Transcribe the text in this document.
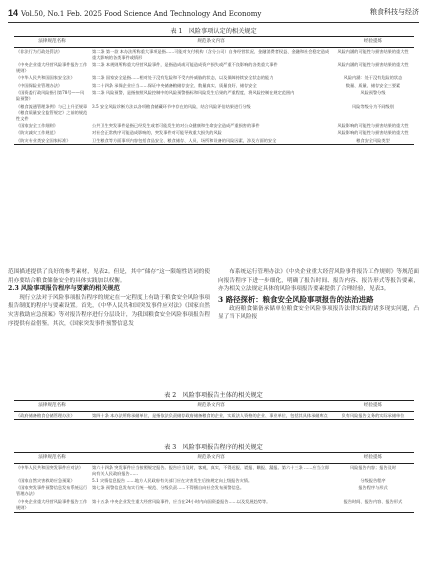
14 Vol.50, No.1 Feb. 2025 Food Science And Technology And Economy	粮食科技与经济
表 1　风险事项认定的相关规定
法律规范名称	规范条文内容	经验提炼
《非法行为行政处罚法》	第二条 第一款 本办法所称重大事项是指……可能对支付机构（含分公司）自身经营状况、金融消费者权益、金融和社会稳定造成重大影响的各类事件或情形	风险内涵的可能性与损害结果的重大性
《中央企业重大经营风险事件报告工作规则》	第二条 本规则所称重大经营风险事件，是指造成或可能造成资产损失或严重不良影响的各类重大事件	风险内涵的可能性与损害结果的重大性
《中华人民共和国国家安全法》	第二条 国家安全是指……相对处于没有危险和不受内外威胁的状态，以及保障持续安全状态的能力	风险内涵：处于没有危险的状态
《中国保险业管理办法》	第二十四条 承保企业应当……保证中央储备粮储存安全、数量真实、质量良好、储存安全	数量、质量、储存安全三要素
《国资委行政风险指引第78号——风险预警》	第二条 风险预警，是指按照风险控制中的风险预警指标和风险发生后果的严重程度，将风险控制在规定范围内	风险预警分级
《粮食流通管理条例》与已上升至规章《粮食质量安全监管规定》之前的规范性文件	3.5 安全风险诊断方法以各项粮食储藏环节中存在的风险，结合风险评估结果进行分级	风险等级分为不同级别
《国家安全工作细则》	公共卫生突发事件是指已经发生或者可能发生的对公众健康和生命安全造成严重损害的事件	风险影响的可能性与损害结果的重大性
《防灾减灾工作规范》	对社会正常秩序可能造成影响的，突发事件对可能导致重大损失的风险	风险影响的可能性与损害结果的重大性
《防灾专业类安全国家标准》	卫生粮食等方面事项内容包括食品安全、粮食储存、人员、场所和设备的风险因素，涉及方面的安全	粮食安全风险类型

范围描述提供了良好的参考素材，见表2。但是，其中“储存”这一限缩性语词的使用亦要结合粮食储备安全的具体实践加以权衡。

2.3 风险事项报告程序与要素的相关规范

现行立法对于风险事项报告程序的规定在一定程度上有助于粮食安全风险事项报告制度的程序与要素设置。首先，《中华人民共和国突发事件应对法》《国家自然灾害救助应急预案》等对报告程序进行分层设计，为我国粮食安全风险事项报告程序提供有益借鉴。其次，《国家突发事件预警信息发

布系统运行管理办法》《中央企业重大经营风险事件报告工作规则》等规范面向报告程序下进一步细化，明确了报告时间、报告内容、报告形式等报告要素，亦为相关立法规定具体的风险事项报告要素提供了合理经验，见表3。

3 路径探析：粮食安全风险事项报告的法治进路

政府粮食储备承储单位粮食安全风险事项报告法律实践的诸多现实问题，凸显了当下风险报

表 2　风险事项报告主体的相关规定
法律规范名称	规范条文内容	经验提炼
《政府储备粮食仓储管理办法》	第四十条 本办法所称承储单位，是指依法负责储存政府储备粮食的企业，实质法人资格的企业、事业单位，包括其具体承储库点	负有风险报告义务的实际承储单位
表 3　风险事项报告程序的相关规定
法律规范名称	规范条文内容	经验提炼
《中华人民共和国突发事件应对法》	第六十四条 突发事件应当按照规定报告。报告应当及时，客观，真实，不得迟报、谎报、瞒报、漏报。第六十三条 ……应当立即向有关人民政府报告……	风险报告内容；报告及时
《国家自然灾害救助应急预案》	5.1 灾情信息报告 ……地方人民政府有关部门应在灾害发生后按规定向上级报告灾情。	分级报告程序
《国家突发事件预警信息发布系统运行管理办法》	第七条 预警信息发布实行统一规范、分级负责……不得擅自向社会发布预警信息。	报告程序与形式
《中央企业重大经营风险事件报告工作规则》	第十五条 中央企业发生重大经营风险事件，应当在24小时内向国资委报告……以及发展趋势等。	报告时间、报告内容、报告形式
